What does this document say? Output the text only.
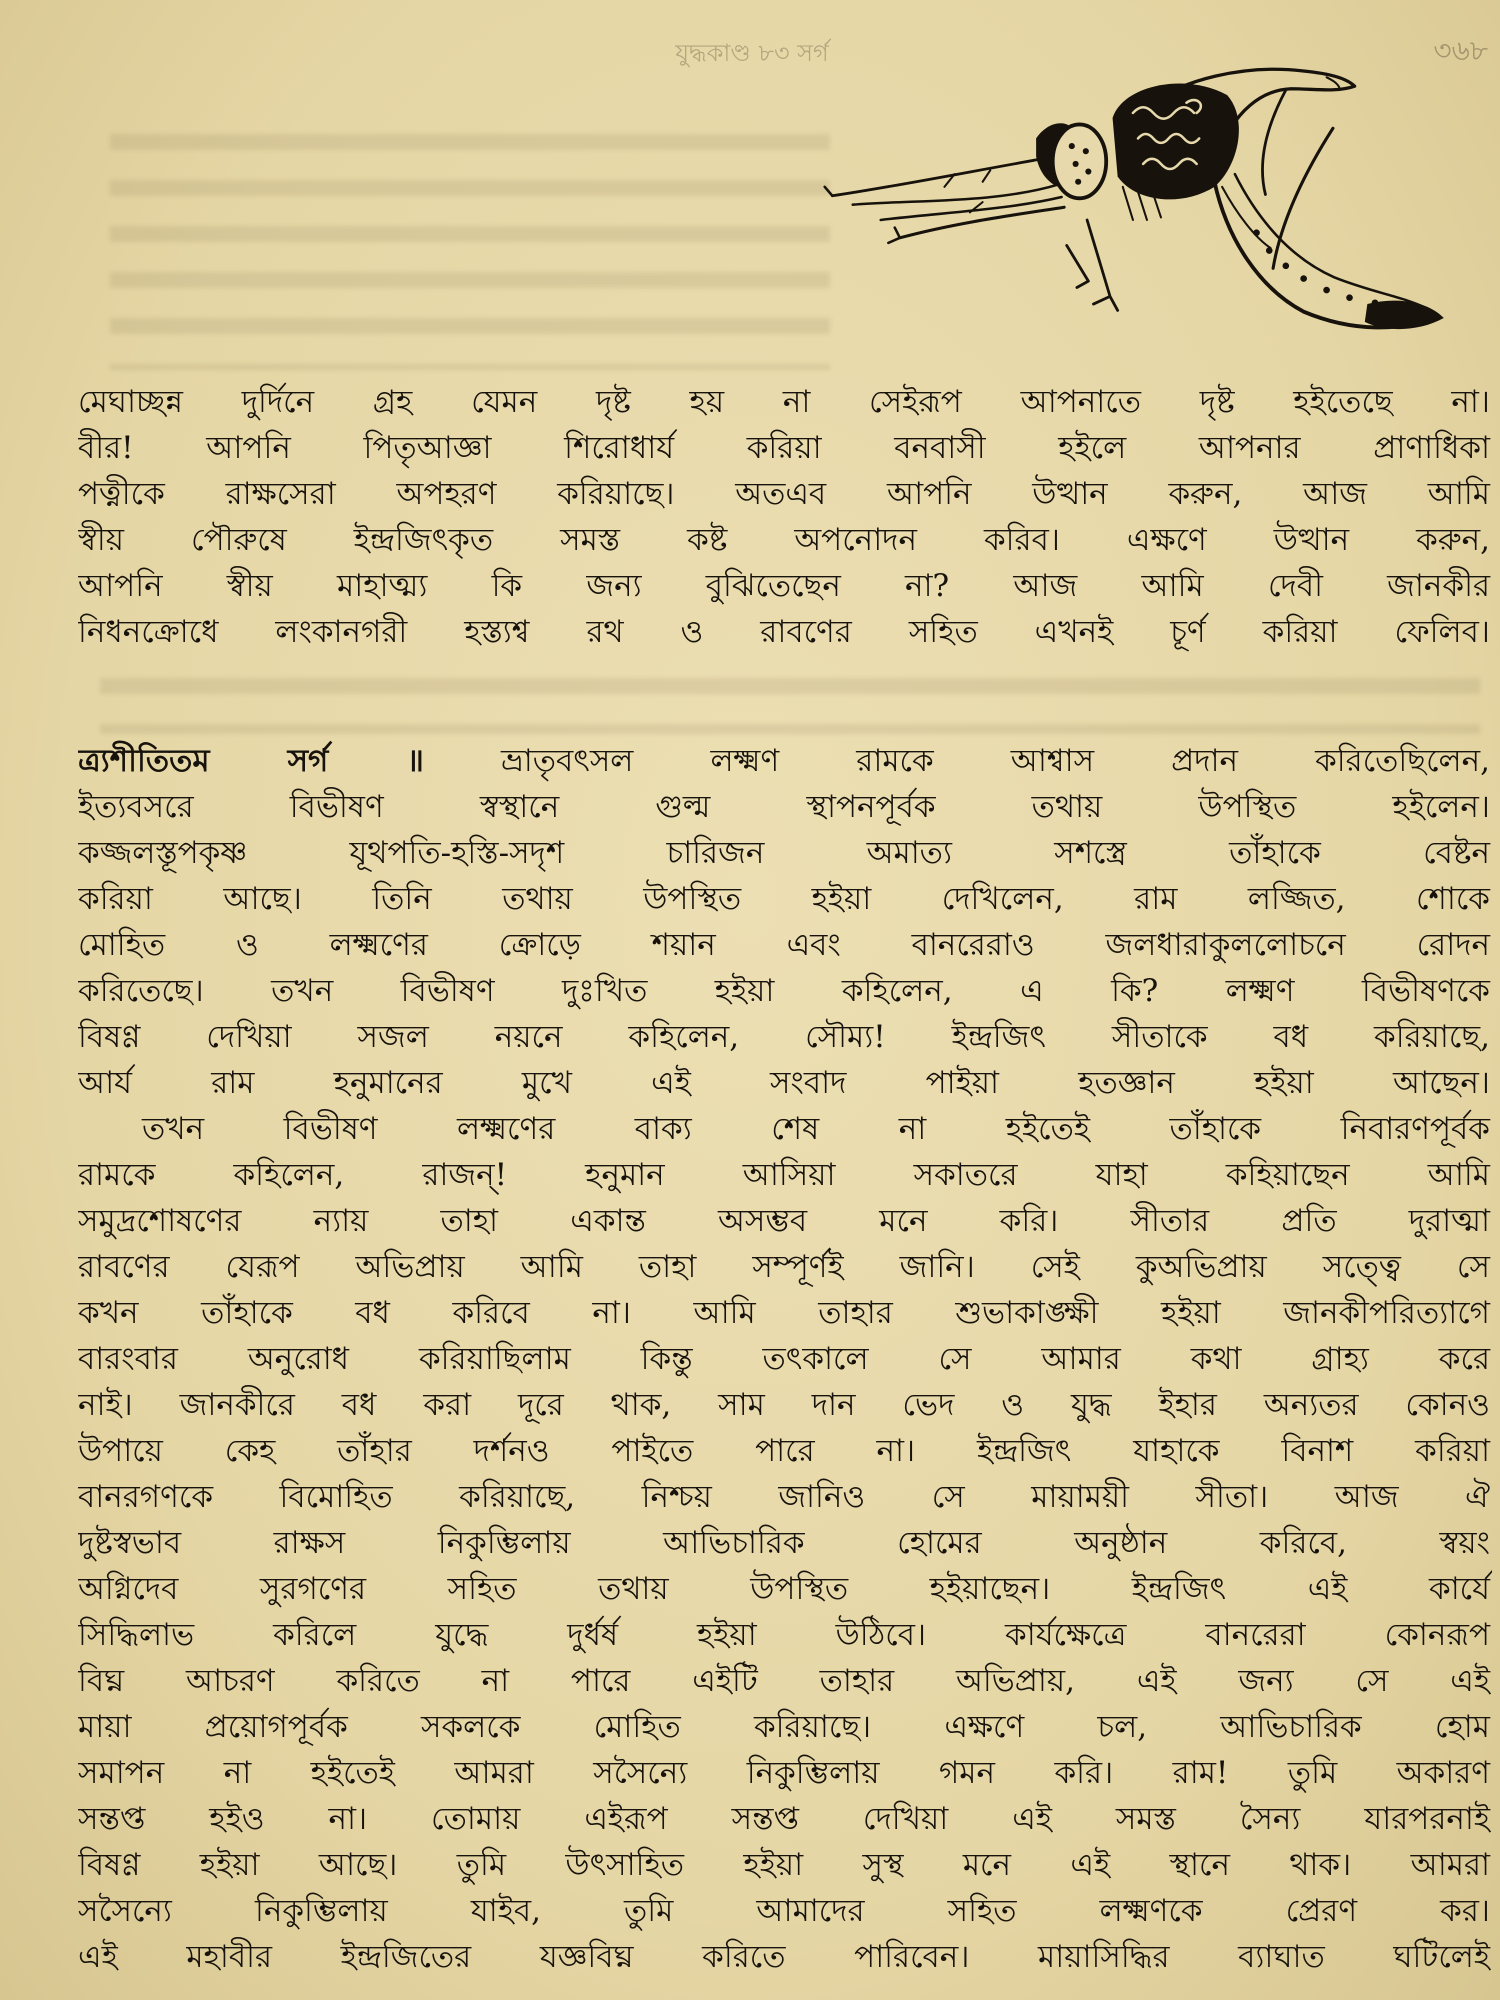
যুদ্ধকাণ্ড ৮৩ সর্গ	৩৬৮
মেঘাচ্ছন্ন দুর্দিনে গ্রহ যেমন দৃষ্ট হয় না সেইরূপ আপনাতে দৃষ্ট হইতেছে না।
বীর! আপনি পিতৃআজ্ঞা শিরোধার্য করিয়া বনবাসী হইলে আপনার প্রাণাধিকা
পত্নীকে রাক্ষসেরা অপহরণ করিয়াছে। অতএব আপনি উত্থান করুন, আজ আমি
স্বীয় পৌরুষে ইন্দ্রজিৎকৃত সমস্ত কষ্ট অপনোদন করিব। এক্ষণে উত্থান করুন,
আপনি স্বীয় মাহাত্ম্য কি জন্য বুঝিতেছেন না? আজ আমি দেবী জানকীর
নিধনক্রোধে লংকানগরী হস্ত্যশ্ব রথ ও রাবণের সহিত এখনই চূর্ণ করিয়া ফেলিব।
ত্র্যশীতিতম সর্গ ॥ ভ্রাতৃবৎসল লক্ষ্মণ রামকে আশ্বাস প্রদান করিতেছিলেন,
ইত্যবসরে বিভীষণ স্বস্থানে গুল্ম স্থাপনপূর্বক তথায় উপস্থিত হইলেন।
কজ্জলস্তূপকৃষ্ণ যূথপতি-হস্তি-সদৃশ চারিজন অমাত্য সশস্ত্রে তাঁহাকে বেষ্টন
করিয়া আছে। তিনি তথায় উপস্থিত হইয়া দেখিলেন, রাম লজ্জিত, শোকে
মোহিত ও লক্ষ্মণের ক্রোড়ে শয়ান এবং বানরেরাও জলধারাকুললোচনে রোদন
করিতেছে। তখন বিভীষণ দুঃখিত হইয়া কহিলেন, এ কি? লক্ষ্মণ বিভীষণকে
বিষণ্ণ দেখিয়া সজল নয়নে কহিলেন, সৌম্য! ইন্দ্রজিৎ সীতাকে বধ করিয়াছে,
আর্য রাম হনুমানের মুখে এই সংবাদ পাইয়া হতজ্ঞান হইয়া আছেন।
তখন বিভীষণ লক্ষ্মণের বাক্য শেষ না হইতেই তাঁহাকে নিবারণপূর্বক
রামকে কহিলেন, রাজন্! হনুমান আসিয়া সকাতরে যাহা কহিয়াছেন আমি
সমুদ্রশোষণের ন্যায় তাহা একান্ত অসম্ভব মনে করি। সীতার প্রতি দুরাত্মা
রাবণের যেরূপ অভিপ্রায় আমি তাহা সম্পূর্ণই জানি। সেই কুঅভিপ্রায় সত্ত্বে সে
কখন তাঁহাকে বধ করিবে না। আমি তাহার শুভাকাঙ্ক্ষী হইয়া জানকীপরিত্যাগে
বারংবার অনুরোধ করিয়াছিলাম কিন্তু তৎকালে সে আমার কথা গ্রাহ্য করে
নাই। জানকীরে বধ করা দূরে থাক, সাম দান ভেদ ও যুদ্ধ ইহার অন্যতর কোনও
উপায়ে কেহ তাঁহার দর্শনও পাইতে পারে না। ইন্দ্রজিৎ যাহাকে বিনাশ করিয়া
বানরগণকে বিমোহিত করিয়াছে, নিশ্চয় জানিও সে মায়াময়ী সীতা। আজ ঐ
দুষ্টস্বভাব রাক্ষস নিকুম্ভিলায় আভিচারিক হোমের অনুষ্ঠান করিবে, স্বয়ং
অগ্নিদেব সুরগণের সহিত তথায় উপস্থিত হইয়াছেন। ইন্দ্রজিৎ এই কার্যে
সিদ্ধিলাভ করিলে যুদ্ধে দুর্ধর্ষ হইয়া উঠিবে। কার্যক্ষেত্রে বানরেরা কোনরূপ
বিঘ্ন আচরণ করিতে না পারে এইটি তাহার অভিপ্রায়, এই জন্য সে এই
মায়া প্রয়োগপূর্বক সকলকে মোহিত করিয়াছে। এক্ষণে চল, আভিচারিক হোম
সমাপন না হইতেই আমরা সসৈন্যে নিকুম্ভিলায় গমন করি। রাম! তুমি অকারণ
সন্তপ্ত হইও না। তোমায় এইরূপ সন্তপ্ত দেখিয়া এই সমস্ত সৈন্য যারপরনাই
বিষণ্ণ হইয়া আছে। তুমি উৎসাহিত হইয়া সুস্থ মনে এই স্থানে থাক। আমরা
সসৈন্যে নিকুম্ভিলায় যাইব, তুমি আমাদের সহিত লক্ষ্মণকে প্রেরণ কর।
এই মহাবীর ইন্দ্রজিতের যজ্ঞবিঘ্ন করিতে পারিবেন। মায়াসিদ্ধির ব্যাঘাত ঘটিলেই
